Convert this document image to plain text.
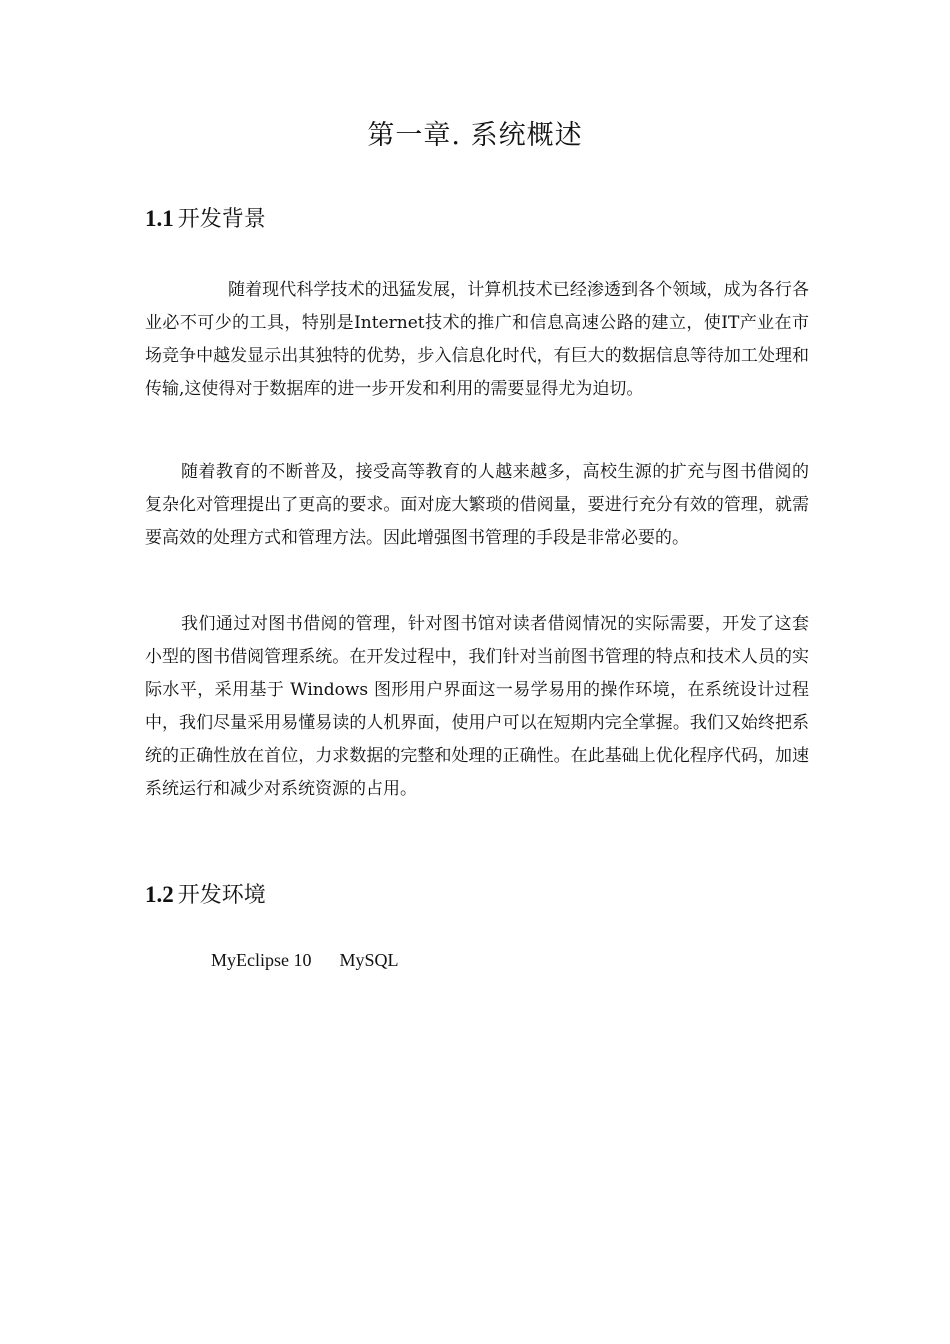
第一章. 系统概述
1.1 开发背景

随着现代科学技术的迅猛发展，计算机技术已经渗透到各个领域，成为各行各业必不可少的工具，特别是Internet技术的推广和信息高速公路的建立，使IT产业在市场竞争中越发显示出其独特的优势，步入信息化时代，有巨大的数据信息等待加工处理和传输,这使得对于数据库的进一步开发和利用的需要显得尤为迫切。

随着教育的不断普及，接受高等教育的人越来越多，高校生源的扩充与图书借阅的复杂化对管理提出了更高的要求。面对庞大繁琐的借阅量，要进行充分有效的管理，就需要高效的处理方式和管理方法。因此增强图书管理的手段是非常必要的。

我们通过对图书借阅的管理，针对图书馆对读者借阅情况的实际需要，开发了这套小型的图书借阅管理系统。在开发过程中，我们针对当前图书管理的特点和技术人员的实际水平，采用基于 Windows 图形用户界面这一易学易用的操作环境，在系统设计过程中，我们尽量采用易懂易读的人机界面，使用户可以在短期内完全掌握。我们又始终把系统的正确性放在首位，力求数据的完整和处理的正确性。在此基础上优化程序代码，加速系统运行和减少对系统资源的占用。

1.2 开发环境
MyEclipse 10 MySQL
